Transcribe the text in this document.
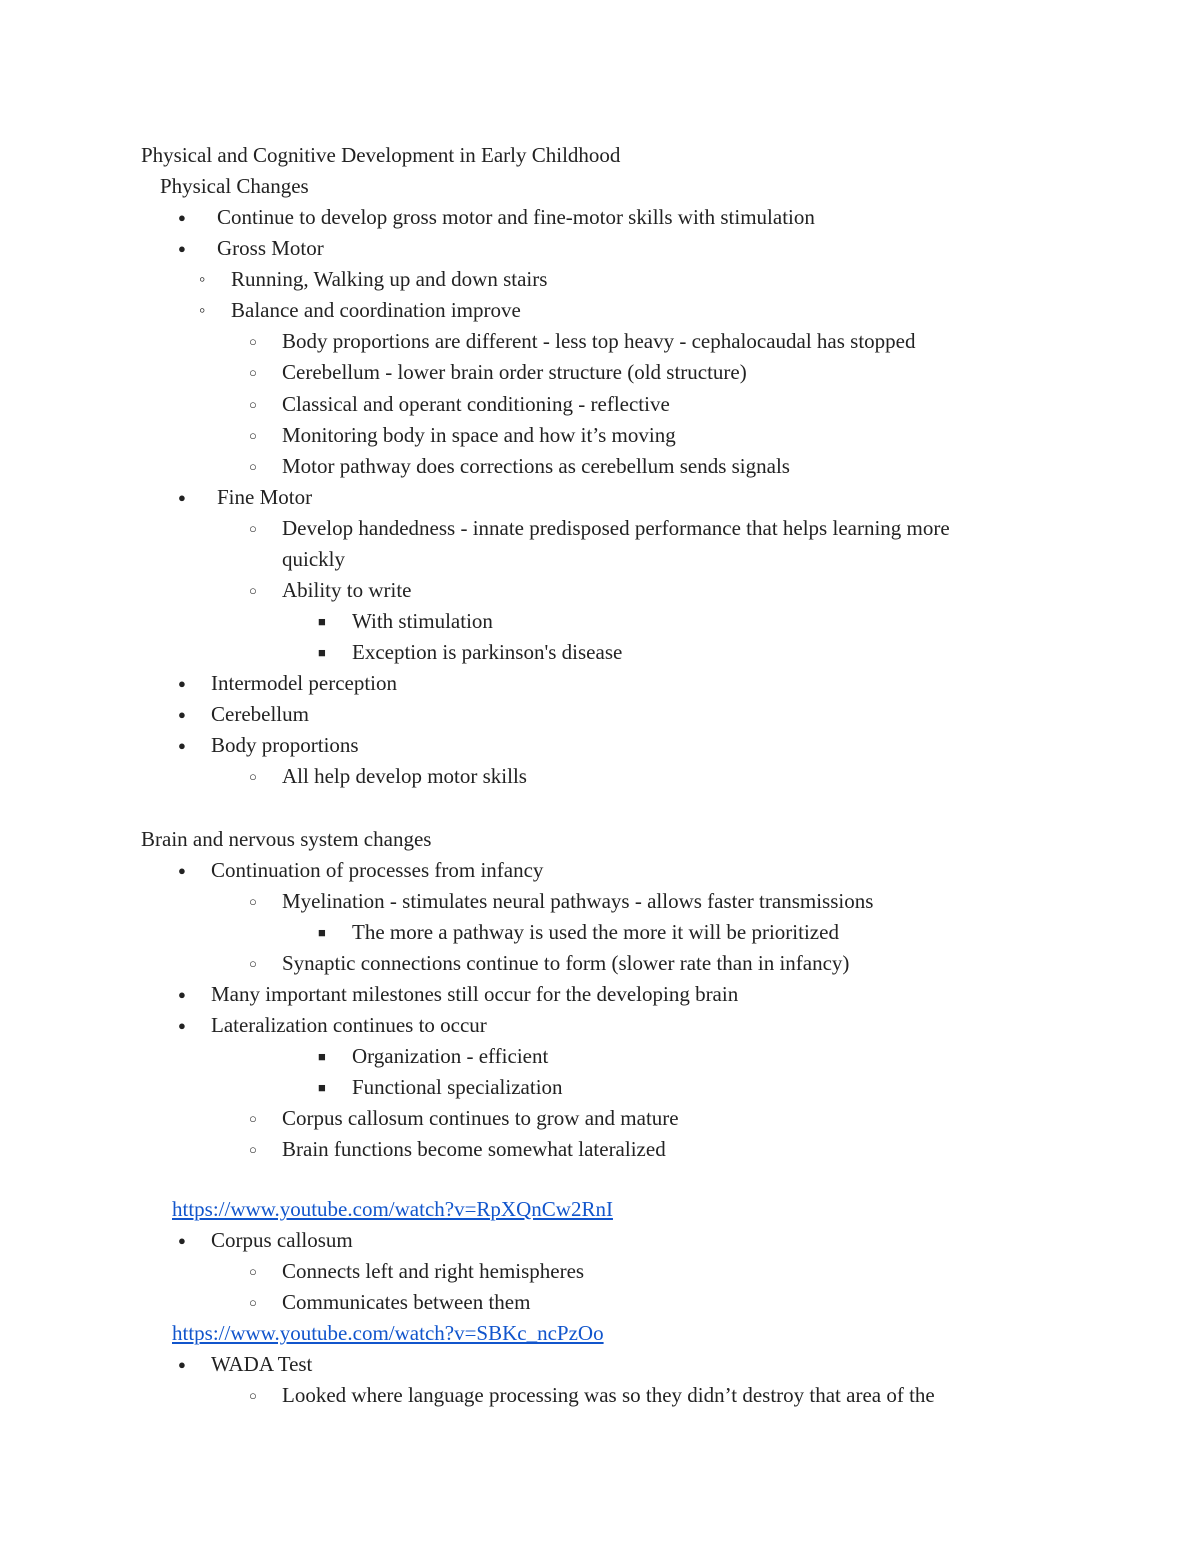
Physical and Cognitive Development in Early Childhood
Physical Changes
●
Continue to develop gross motor and fine-motor skills with stimulation
●
Gross Motor
◦
Running, Walking up and down stairs
◦
Balance and coordination improve
○
Body proportions are different - less top heavy - cephalocaudal has stopped
○
Cerebellum - lower brain order structure (old structure)
○
Classical and operant conditioning - reflective
○
Monitoring body in space and how it’s moving
○
Motor pathway does corrections as cerebellum sends signals
●
Fine Motor
○
Develop handedness - innate predisposed performance that helps learning more
quickly
○
Ability to write
■
With stimulation
■
Exception is parkinson's disease
●
Intermodel perception
●
Cerebellum
●
Body proportions
○
All help develop motor skills
Brain and nervous system changes
●
Continuation of processes from infancy
○
Myelination - stimulates neural pathways - allows faster transmissions
■
The more a pathway is used the more it will be prioritized
○
Synaptic connections continue to form (slower rate than in infancy)
●
Many important milestones still occur for the developing brain
●
Lateralization continues to occur
■
Organization - efficient
■
Functional specialization
○
Corpus callosum continues to grow and mature
○
Brain functions become somewhat lateralized
https://www.youtube.com/watch?v=RpXQnCw2RnI
●
Corpus callosum
○
Connects left and right hemispheres
○
Communicates between them
https://www.youtube.com/watch?v=SBKc_ncPzOo
●
WADA Test
○
Looked where language processing was so they didn’t destroy that area of the
